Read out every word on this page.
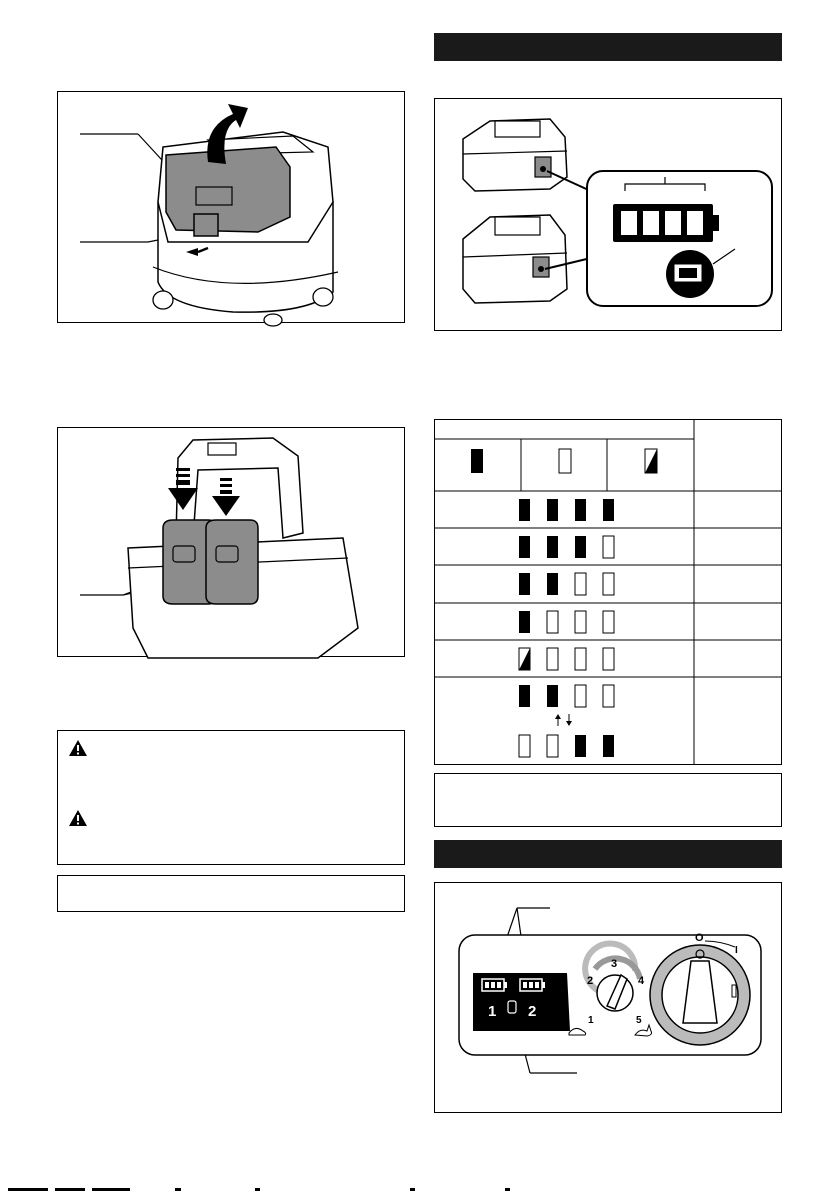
1 2
3
2	4
1	5
O
I
